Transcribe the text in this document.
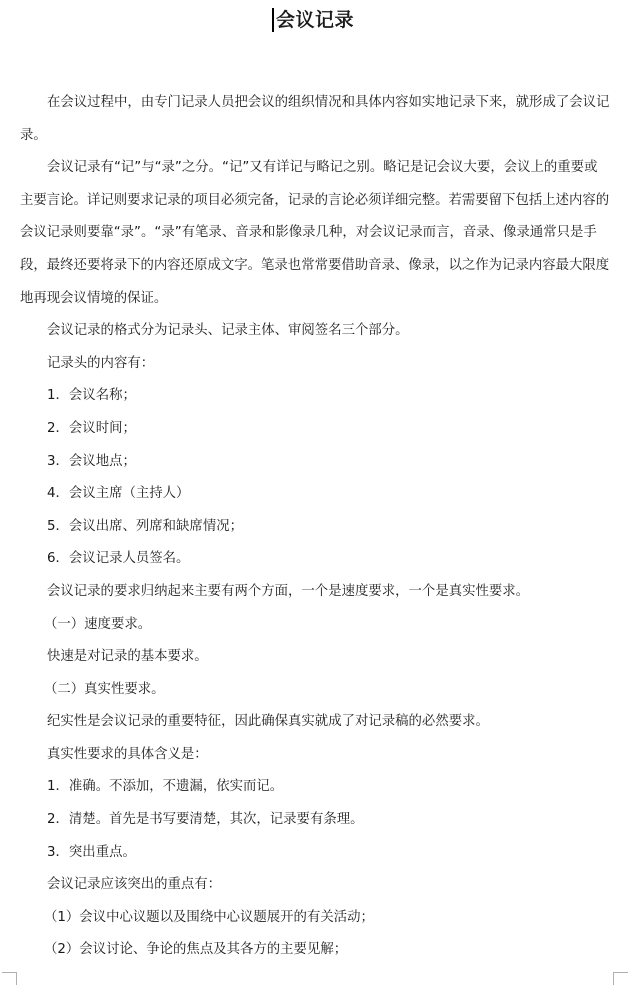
会议记录

在会议过程中，由专门记录人员把会议的组织情况和具体内容如实地记录下来，就形成了会议记录。

会议记录有“记”与“录”之分。“记”又有详记与略记之别。略记是记会议大要，会议上的重要或主要言论。详记则要求记录的项目必须完备，记录的言论必须详细完整。若需要留下包括上述内容的会议记录则要靠“录”。“录”有笔录、音录和影像录几种，对会议记录而言，音录、像录通常只是手段，最终还要将录下的内容还原成文字。笔录也常常要借助音录、像录，以之作为记录内容最大限度地再现会议情境的保证。

会议记录的格式分为记录头、记录主体、审阅签名三个部分。

记录头的内容有：

1．会议名称；

2．会议时间；

3．会议地点；

4．会议主席（主持人）

5．会议出席、列席和缺席情况；

6．会议记录人员签名。

会议记录的要求归纳起来主要有两个方面，一个是速度要求，一个是真实性要求。

（一）速度要求。

快速是对记录的基本要求。

（二）真实性要求。

纪实性是会议记录的重要特征，因此确保真实就成了对记录稿的必然要求。

真实性要求的具体含义是：

1．准确。不添加，不遗漏，依实而记。

2．清楚。首先是书写要清楚，其次，记录要有条理。

3．突出重点。

会议记录应该突出的重点有：

（1）会议中心议题以及围绕中心议题展开的有关活动；

（2）会议讨论、争论的焦点及其各方的主要见解；
